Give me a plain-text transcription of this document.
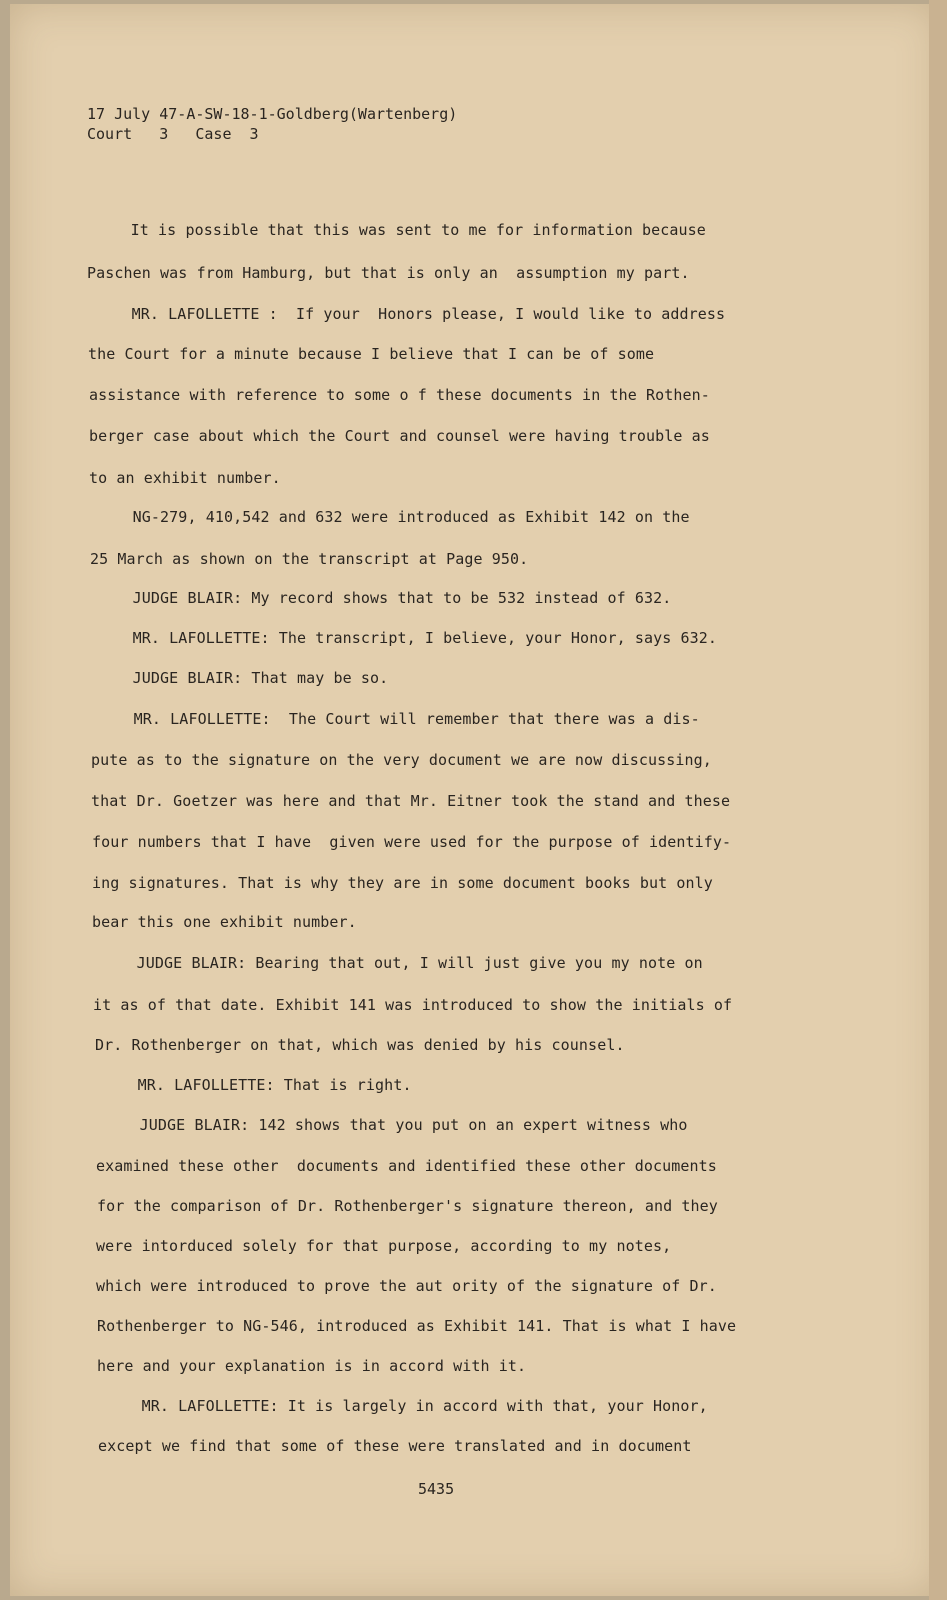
17 July 47-A-SW-18-1-Goldberg(Wartenberg)
Court   3   Case  3
It is possible that this was sent to me for information because
Paschen was from Hamburg, but that is only an  assumption my part.
MR. LAFOLLETTE :  If your  Honors please, I would like to address
the Court for a minute because I believe that I can be of some
assistance with reference to some o f these documents in the Rothen-
berger case about which the Court and counsel were having trouble as
to an exhibit number.
NG-279, 410,542 and 632 were introduced as Exhibit 142 on the
25 March as shown on the transcript at Page 950.
JUDGE BLAIR: My record shows that to be 532 instead of 632.
MR. LAFOLLETTE: The transcript, I believe, your Honor, says 632.
JUDGE BLAIR: That may be so.
MR. LAFOLLETTE:  The Court will remember that there was a dis-
pute as to the signature on the very document we are now discussing,
that Dr. Goetzer was here and that Mr. Eitner took the stand and these
four numbers that I have  given were used for the purpose of identify-
ing signatures. That is why they are in some document books but only
bear this one exhibit number.
JUDGE BLAIR: Bearing that out, I will just give you my note on
it as of that date. Exhibit 141 was introduced to show the initials of
Dr. Rothenberger on that, which was denied by his counsel.
MR. LAFOLLETTE: That is right.
JUDGE BLAIR: 142 shows that you put on an expert witness who
examined these other  documents and identified these other documents
for the comparison of Dr. Rothenberger's signature thereon, and they
were intorduced solely for that purpose, according to my notes,
which were introduced to prove the aut ority of the signature of Dr.
Rothenberger to NG-546, introduced as Exhibit 141. That is what I have
here and your explanation is in accord with it.
MR. LAFOLLETTE: It is largely in accord with that, your Honor,
except we find that some of these were translated and in document
5435
